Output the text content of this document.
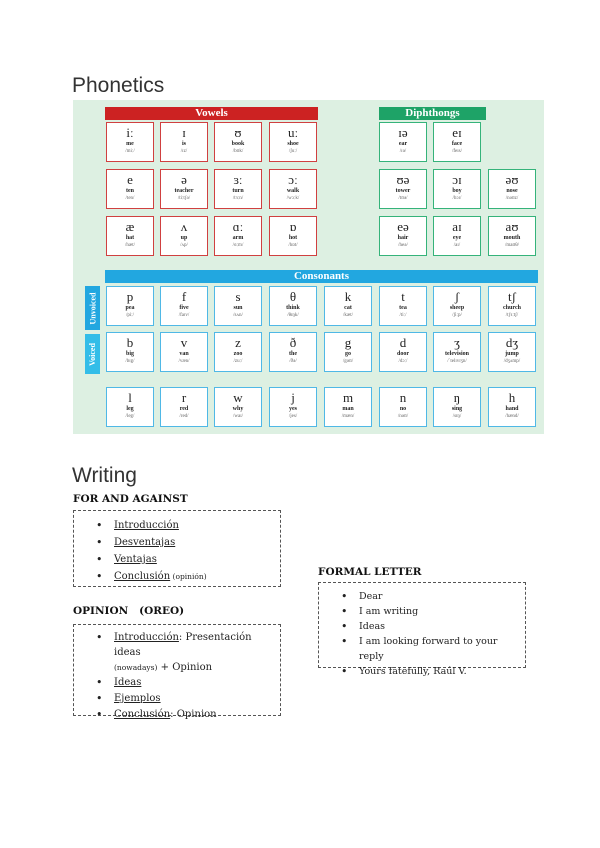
Phonetics
Vowels	Diphthongs
Consonants
Unvoiced
Voiced
iː
me
/miː/
ɪ
is
/ɪz/
ʊ
book
/bʊk/
uː
shoe
/ʃuː/
e
ten
/ten/
ə
teacher
/tiːtʃə/
ɜː
turn
/tɜːn/
ɔː
walk
/wɔːk/
æ
hat
/hæt/
ʌ
up
/ʌp/
ɑː
arm
/ɑːm/
ɒ
hot
/hɒt/
ɪə
ear
/ɪə/
eɪ
face
/feɪs/
ʊə
tower
/tʊə/
ɔɪ
boy
/bɔɪ/
əʊ
nose
/nəʊz/
eə
hair
/heə/
aɪ
eye
/aɪ/
aʊ
mouth
/maʊθ/
p
pea
/piː/
f
five
/faɪv/
s
sun
/sʌn/
θ
think
/θɪŋk/
k
cat
/kæt/
t
tea
/tiː/
ʃ
sheep
/ʃiːp/
tʃ
church
/tʃɜːtʃ/
b
big
/bɪg/
v
van
/væn/
z
zoo
/zuː/
ð
the
/ðə/
g
go
/gəʊ/
d
door
/dɔː/
ʒ
television
/ˈtelɪvɪʒn/
dʒ
jump
/dʒʌmp/
l
leg
/leg/
r
red
/red/
w
why
/waɪ/
j
yes
/jes/
m
man
/mæn/
n
no
/nəʊ/
ŋ
sing
/sɪŋ/
h
hand
/hænd/
Writing
FOR AND AGAINST
• Introducción
• Desventajas
• Ventajas
• Conclusión (opinión)
OPINION   (OREO)
• Introducción: Presentación ideas
(nowadays) + Opinion
• Ideas
• Ejemplos
• Conclusión: Opinion
FORMAL LETTER
• Dear
• I am writing
• Ideas
• I am looking forward to your reply
• Yours fatefully, Raúl V.
